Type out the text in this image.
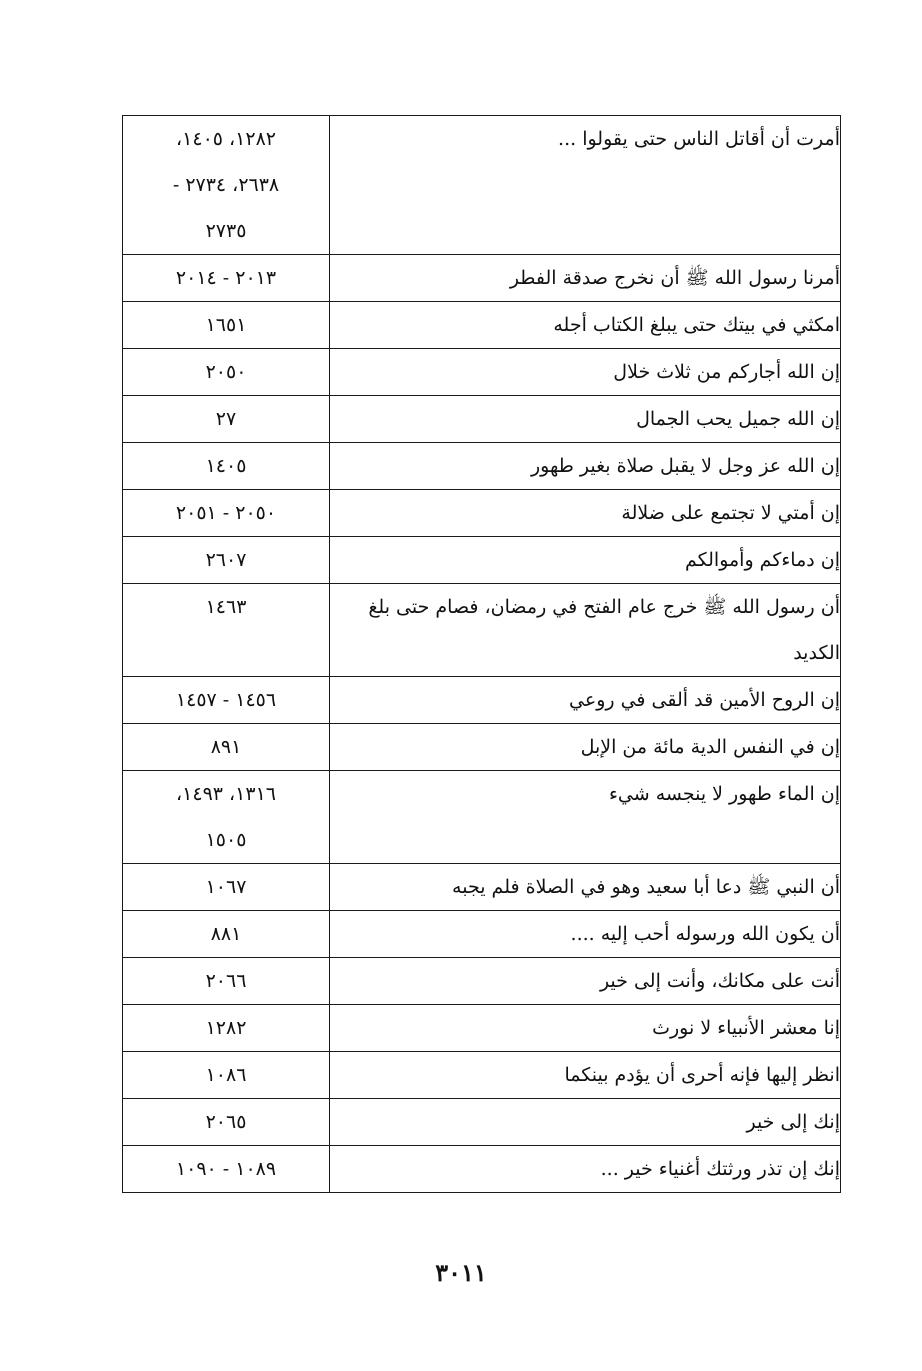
أمرت أن أقاتل الناس حتى يقولوا ...	١٢٨٢، ١٤٠٥،
٢٦٣٨، ٢٧٣٤ -
٢٧٣٥

أمرنا رسول الله ﷺ أن نخرج صدقة الفطر	٢٠١٣ - ٢٠١٤

امكثي في بيتك حتى يبلغ الكتاب أجله	١٦٥١

إن الله أجاركم من ثلاث خلال	٢٠٥٠

إن الله جميل يحب الجمال	٢٧

إن الله عز وجل لا يقبل صلاة بغير طهور	١٤٠٥

إن أمتي لا تجتمع على ضلالة	٢٠٥٠ - ٢٠٥١

إن دماءكم وأموالكم	٢٦٠٧

أن رسول الله ﷺ خرج عام الفتح في رمضان، فصام حتى بلغ الكديد	١٤٦٣

إن الروح الأمين قد ألقى في روعي	١٤٥٦ - ١٤٥٧

إن في النفس الدية مائة من الإبل	٨٩١

إن الماء طهور لا ينجسه شيء	١٣١٦، ١٤٩٣،
١٥٠٥

أن النبي ﷺ دعا أبا سعيد وهو في الصلاة فلم يجبه	١٠٦٧

أن يكون الله ورسوله أحب إليه ....	٨٨١

أنت على مكانك، وأنت إلى خير	٢٠٦٦

إنا معشر الأنبياء لا نورث	١٢٨٢

انظر إليها فإنه أحرى أن يؤدم بينكما	١٠٨٦

إنك إلى خير	٢٠٦٥

إنك إن تذر ورثتك أغنياء خير ...	١٠٨٩ - ١٠٩٠
٣٠١١
